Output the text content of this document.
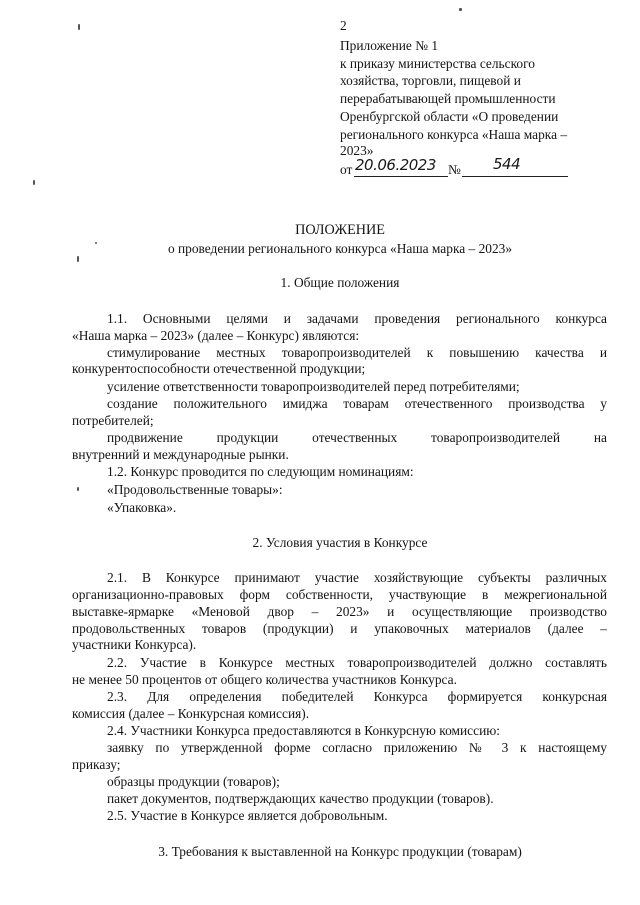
2
Приложение № 1
к приказу министерства сельского
хозяйства, торговли, пищевой и
перерабатывающей промышленности
Оренбургской области «О проведении
регионального конкурса «Наша марка –
2023»
от 20.06.2023 № 544
ПОЛОЖЕНИЕ
о проведении регионального конкурса «Наша марка – 2023»
1. Общие положения
1.1. Основными целями и задачами проведения регионального конкурса
«Наша марка – 2023» (далее – Конкурс) являются:
стимулирование местных товаропроизводителей к повышению качества и
конкурентоспособности отечественной продукции;
усиление ответственности товаропроизводителей перед потребителями;
создание положительного имиджа товарам отечественного производства у
потребителей;
продвижение продукции отечественных товаропроизводителей на
внутренний и международные рынки.
1.2. Конкурс проводится по следующим номинациям:
«Продовольственные товары»:
«Упаковка».
2. Условия участия в Конкурсе
2.1. В Конкурсе принимают участие хозяйствующие субъекты различных
организационно-правовых форм собственности, участвующие в межрегиональной
выставке-ярмарке «Меновой двор – 2023» и осуществляющие производство
продовольственных товаров (продукции) и упаковочных материалов (далее –
участники Конкурса).
2.2. Участие в Конкурсе местных товаропроизводителей должно составлять
не менее 50 процентов от общего количества участников Конкурса.
2.3. Для определения победителей Конкурса формируется конкурсная
комиссия (далее – Конкурсная комиссия).
2.4. Участники Конкурса предоставляются в Конкурсную комиссию:
заявку по утвержденной форме согласно приложению № 3 к настоящему
приказу;
образцы продукции (товаров);
пакет документов, подтверждающих качество продукции (товаров).
2.5. Участие в Конкурсе является добровольным.
3. Требования к выставленной на Конкурс продукции (товарам)
